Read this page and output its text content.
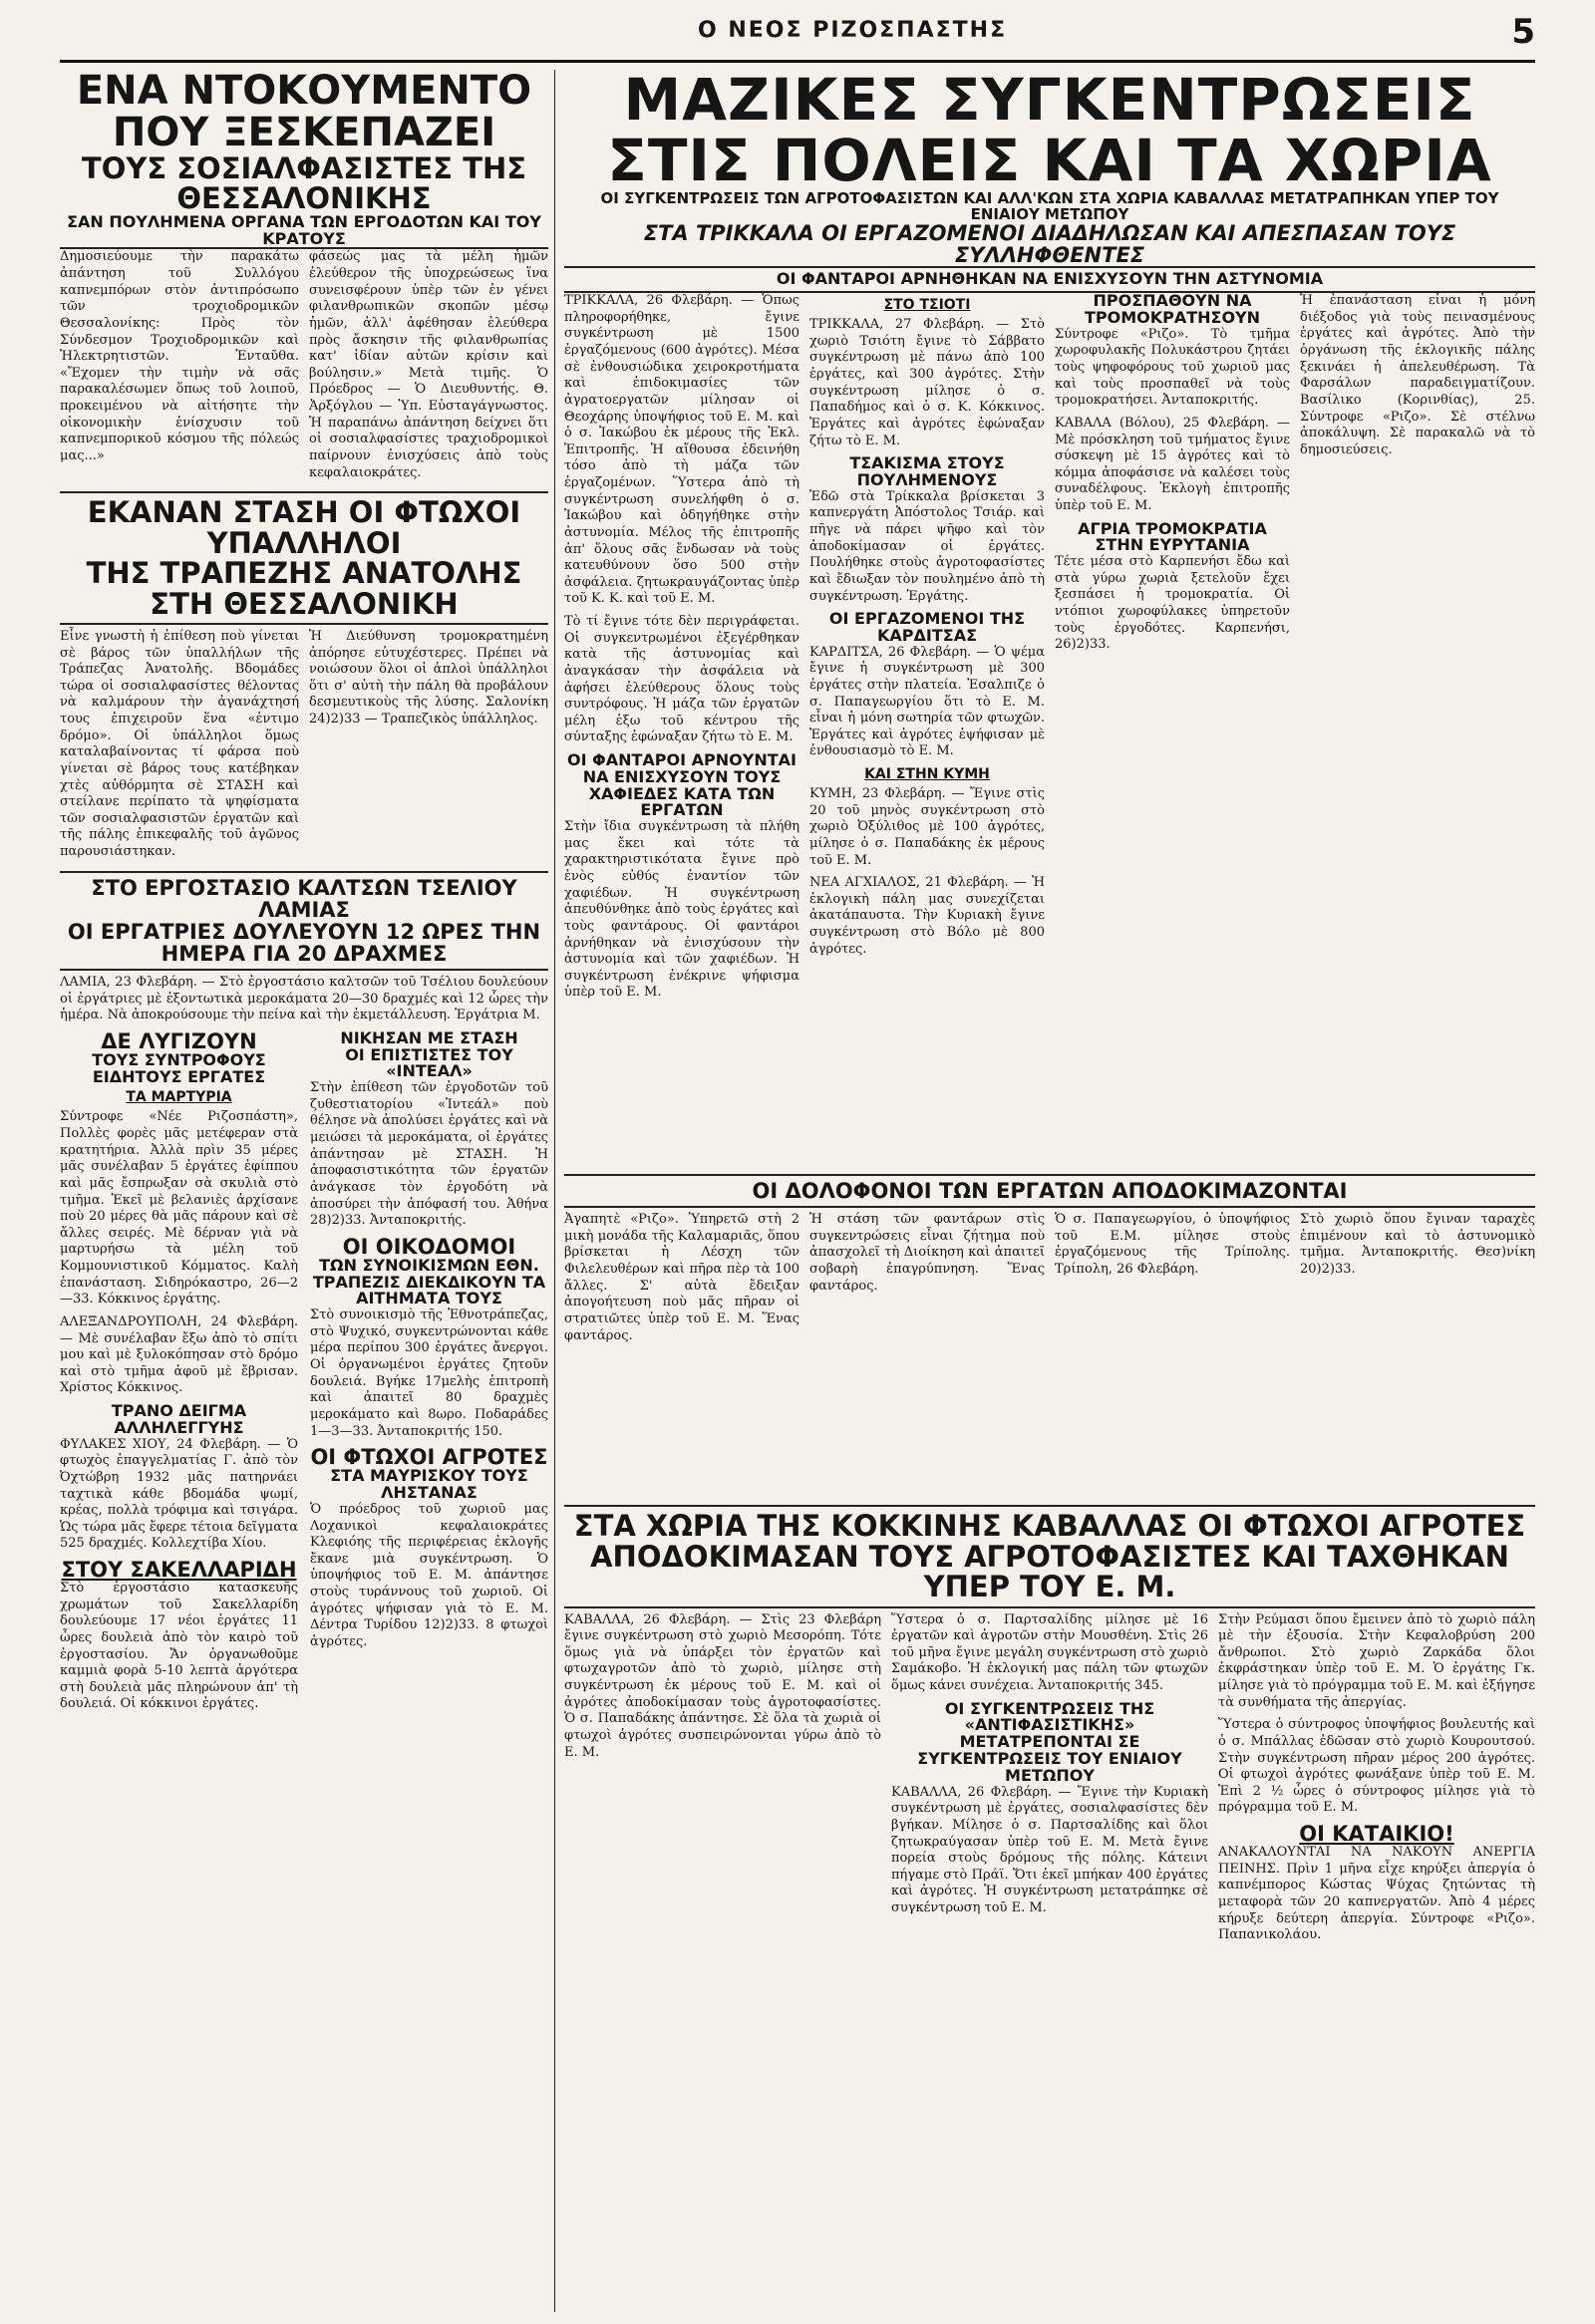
Ο ΝΕΟΣ ΡΙΖΟΣΠΑΣΤΗΣ	5

ΕΝΑ ΝΤΟΚΟΥΜΕΝΤΟ ΠΟΥ ΞΕΣΚΕΠΑΖΕΙ

ΤΟΥΣ ΣΟΣΙΑΛΦΑΣΙΣΤΕΣ ΤΗΣ ΘΕΣΣΑΛΟΝΙΚΗΣ

ΣΑΝ ΠΟΥΛΗΜΕΝΑ ΟΡΓΑΝΑ ΤΩΝ ΕΡΓΟΔΟΤΩΝ ΚΑΙ ΤΟΥ ΚΡΑΤΟΥΣ

Δημοσιεύουμε τὴν παρακάτω ἀπάντηση τοῦ Συλλόγου καπνεμπόρων στὸν ἀντιπρόσωπο τῶν τροχιοδρομικῶν Θεσσαλονίκης: Πρὸς τὸν Σύνδεσμον Τροχιοδρομικῶν καὶ Ἠλεκτρητιστῶν. Ἐνταῦθα. «Ἔχομεν τὴν τιμὴν νὰ σᾶς παρακαλέσωμεν ὅπως τοῦ λοιποῦ, προκειμένου νὰ αἰτήσητε τὴν οἰκονομικὴν ἐνίσχυσιν τοῦ καπνεμπορικοῦ κόσμου τῆς πόλεώς μας...»

φάσεώς μας τὰ μέλη ἡμῶν ἐλεύθερον τῆς ὑποχρεώσεως ἵνα συνεισφέρουν ὑπὲρ τῶν ἐν γένει φιλανθρωπικῶν σκοπῶν μέσῳ ἡμῶν, ἀλλ' ἀφέθησαν ἐλεύθερα πρὸς ἄσκησιν τῆς φιλανθρωπίας κατ' ἰδίαν αὐτῶν κρίσιν καὶ βούλησιν.» Μετὰ τιμῆς. Ὁ Πρόεδρος — Ὁ Διευθυντής. Θ. Ἀρξόγλου — Ὑπ. Εὐσταγάγνωστος. Ἡ παραπάνω ἀπάντηση δείχνει ὅτι οἱ σοσιαλφασίστες τραχιοδρομικοὶ παίρνουν ἐνισχύσεις ἀπὸ τοὺς κεφαλαιοκράτες.

ΕΚΑΝΑΝ ΣΤΑΣΗ ΟΙ ΦΤΩΧΟΙ ΥΠΑΛΛΗΛΟΙ

ΤΗΣ ΤΡΑΠΕΖΗΣ ΑΝΑΤΟΛΗΣ ΣΤΗ ΘΕΣΣΑΛΟΝΙΚΗ

Εἶνε γνωστὴ ἡ ἐπίθεση ποὺ γίνεται σὲ βάρος τῶν ὑπαλλήλων τῆς Τράπεζας Ἀνατολῆς. Βδομάδες τώρα οἱ σοσιαλφασίστες θέλοντας νὰ καλμάρουν τὴν ἀγανάχτησή τους ἐπιχειροῦν ἕνα «ἐντιμο δρόμο». Οἱ ὑπάλληλοι ὅμως καταλαβαίνοντας τί φάρσα ποὺ γίνεται σὲ βάρος τους κατέβηκαν χτὲς αὐθόρμητα σὲ ΣΤΑΣΗ καὶ στείλανε περίπατο τὰ ψηφίσματα τῶν σοσιαλφασιστῶν ἐργατῶν καὶ τῆς πάλης ἐπικεφαλῆς τοῦ ἀγῶνος παρουσιάστηκαν.

Ἡ Διεύθυνση τρομοκρατημένη ἀπόρησε εὐτυχέστερες. Πρέπει νὰ νοιώσουν ὅλοι οἱ ἀπλοὶ ὑπάλληλοι ὅτι σ' αὐτὴ τὴν πάλη θὰ προβάλουν δεσμευτικοὺς τῆς λύσης. Σαλονίκη 24)2)33 — Τραπεζικὸς ὑπάλληλος.

ΣΤΟ ΕΡΓΟΣΤΑΣΙΟ ΚΑΛΤΣΩΝ ΤΣΕΛΙΟΥ ΛΑΜΙΑΣ

ΟΙ ΕΡΓΑΤΡΙΕΣ ΔΟΥΛΕΥΟΥΝ 12 ΩΡΕΣ ΤΗΝ ΗΜΕΡΑ ΓΙΑ 20 ΔΡΑΧΜΕΣ

ΛΑΜΙΑ, 23 Φλεβάρη. — Στὸ ἐργοστάσιο καλτσῶν τοῦ Τσέλιου δουλεύουν οἱ ἐργάτριες μὲ ἐξοντωτικὰ μεροκάματα 20—30 δραχμές καὶ 12 ὧρες τὴν ἡμέρα. Νὰ ἀποκρούσουμε τὴν πείνα καὶ τὴν ἐκμετάλλευση. Ἐργάτρια Μ.

ΔΕ ΛΥΓΙΖΟΥΝ

ΤΟΥΣ ΣΥΝΤΡΟΦΟΥΣ ΕΙΔΗΤΟΥΣ ΕΡΓΑΤΕΣ

ΤΑ ΜΑΡΤΥΡΙΑ

Σύντροφε «Νέε Ριζοσπάστη», Πολλὲς φορὲς μᾶς μετέφεραν στὰ κρατητήρια. Ἀλλὰ πρὶν 35 μέρες μᾶς συνέλαβαν 5 ἐργάτες ἐφίππου καὶ μᾶς ἔσπρωξαν σὰ σκυλιὰ στὸ τμῆμα. Ἐκεῖ μὲ βελανιὲς ἀρχίσανε ποὺ 20 μέρες θὰ μᾶς πάρουν καὶ σὲ ἄλλες σειρές. Μὲ δέρναν γιὰ νὰ μαρτυρήσω τὰ μέλη τοῦ Κομμουνιστικοῦ Κόμματος. Καλὴ ἐπανάσταση. Σιδηρόκαστρο, 26—2—33. Κόκκινος ἐργάτης.

ΑΛΕΞΑΝΔΡΟΥΠΟΛΗ, 24 Φλεβάρη. — Μὲ συνέλαβαν ἔξω ἀπὸ τὸ σπίτι μου καὶ μὲ ξυλοκόπησαν στὸ δρόμο καὶ στὸ τμῆμα ἀφοῦ μὲ ἔβρισαν. Χρίστος Κόκκινος.

ΤΡΑΝΟ ΔΕΙΓΜΑ ΑΛΛΗΛΕΓΓΥΗΣ

ΦΥΛΑΚΕΣ ΧΙΟΥ, 24 Φλεβάρη. — Ὁ φτωχὸς ἐπαγγελματίας Γ. ἀπὸ τὸν Ὀχτώβρη 1932 μᾶς πατηρνάει ταχτικὰ κάθε βδομάδα ψωμί, κρέας, πολλὰ τρόφιμα καὶ τσιγάρα. Ὡς τώρα μᾶς ἔφερε τέτοια δεῖγματα 525 δραχμές. Κολλεχτίβα Χίου.

ΣΤΟΥ ΣΑΚΕΛΛΑΡΙΔΗ

Στὸ ἐργοστάσιο κατασκευῆς χρωμάτων τοῦ Σακελλαρίδη δουλεύουμε 17 νέοι ἐργάτες 11 ὧρες δουλειὰ ἀπὸ τὸν καιρὸ τοῦ ἐργοστασίου. Ἄν ὀργανωθοῦμε καμμιὰ φορὰ 5-10 λεπτὰ ἀργότερα στὴ δουλειὰ μᾶς πληρώνουν ἀπ' τὴ δουλειά. Οἱ κόκκινοι ἐργάτες.

ΝΙΚΗΣΑΝ ΜΕ ΣΤΑΣΗ

ΟΙ ΕΠΙΣΤΙΣΤΕΣ ΤΟΥ «ΙΝΤΕΑΛ»

Στὴν ἐπίθεση τῶν ἐργοδοτῶν τοῦ ζυθεστιατορίου «Ἰντεάλ» ποὺ θέλησε νὰ ἀπολύσει ἐργάτες καὶ νὰ μειώσει τὰ μεροκάματα, οἱ ἐργάτες ἀπάντησαν μὲ ΣΤΑΣΗ. Ἡ ἀποφασιστικότητα τῶν ἐργατῶν ἀνάγκασε τὸν ἐργοδότη νὰ ἀποσύρει τὴν ἀπόφασή του. Ἀθήνα 28)2)33. Ἀνταποκριτής.

ΟΙ ΟΙΚΟΔΟΜΟΙ

ΤΩΝ ΣΥΝΟΙΚΙΣΜΩΝ ΕΘΝ. ΤΡΑΠΕΖΙΣ ΔΙΕΚΔΙΚΟΥΝ ΤΑ ΑΙΤΗΜΑΤΑ ΤΟΥΣ

Στὸ συνοικισμὸ τῆς Ἐθνοτράπεζας, στὸ Ψυχικό, συγκεντρώνονται κάθε μέρα περίπου 300 ἐργάτες ἄνεργοι. Οἱ ὀργανωμένοι ἐργάτες ζητοῦν δουλειά. Βγήκε 17μελὴς ἐπιτροπὴ καὶ ἀπαιτεῖ 80 δραχμὲς μεροκάματο καὶ 8ωρο. Ποδαράδες 1—3—33. Ἀνταποκριτής 150.

ΟΙ ΦΤΩΧΟΙ ΑΓΡΟΤΕΣ

ΣΤΑ ΜΑΥΡΙΣΚΟΥ ΤΟΥΣ ΛΗΣΤΑΝΑΣ

Ὁ πρόεδρος τοῦ χωριοῦ μας Λοχανικοὶ κεφαλαιοκράτες Κλεφιόης τῆς περιφέρειας ἐκλογῆς ἔκανε μιὰ συγκέντρωση. Ὁ ὑποψήφιος τοῦ Ε. Μ. ἀπάντησε στοὺς τυράννους τοῦ χωριοῦ. Οἱ ἀγρότες ψήφισαν γιὰ τὸ Ε. Μ. Δέντρα Τυρίδου 12)2)33. 8 φτωχοὶ ἀγρότες.

ΜΑΖΙΚΕΣ ΣΥΓΚΕΝΤΡΩΣΕΙΣ ΣΤΙΣ ΠΟΛΕΙΣ ΚΑΙ ΤΑ ΧΩΡΙΑ

ΟΙ ΣΥΓΚΕΝΤΡΩΣΕΙΣ ΤΩΝ ΑΓΡΟΤΟΦΑΣΙΣΤΩΝ ΚΑΙ ΑΛΛ'ΚΩΝ ΣΤΑ ΧΩΡΙΑ ΚΑΒΑΛΛΑΣ ΜΕΤΑΤΡΑΠΗΚΑΝ ΥΠΕΡ ΤΟΥ ΕΝΙΑΙΟΥ ΜΕΤΩΠΟΥ

ΣΤΑ ΤΡΙΚΚΑΛΑ ΟΙ ΕΡΓΑΖΟΜΕΝΟΙ ΔΙΑΔΗΛΩΣΑΝ ΚΑΙ ΑΠΕΣΠΑΣΑΝ ΤΟΥΣ ΣΥΛΛΗΦΘΕΝΤΕΣ

ΟΙ ΦΑΝΤΑΡΟΙ ΑΡΝΗΘΗΚΑΝ ΝΑ ΕΝΙΣΧΥΣΟΥΝ ΤΗΝ ΑΣΤΥΝΟΜΙΑ

ΤΡΙΚΚΑΛΑ, 26 Φλεβάρη. — Ὁπως πληροφορήθηκε, ἔγινε συγκέντρωση μὲ 1500 ἐργαζόμενους (600 ἀγρότες). Μέσα σὲ ἐνθουσιώδικα χειροκροτήματα καὶ ἐπιδοκιμασίες τῶν ἀγρατοεργατῶν μίλησαν οἱ Θεοχάρης ὑποψήφιος τοῦ Ε. Μ. καὶ ὁ σ. Ἰακώβου ἐκ μέρους τῆς Ἐκλ. Ἐπιτροπῆς. Ἡ αἴθουσα ἐδεινήθη τόσο ἀπὸ τὴ μάζα τῶν ἐργαζομένων. Ὕστερα ἀπὸ τὴ συγκέντρωση συνελήφθη ὁ σ. Ἰακώβου καὶ ὁδηγήθηκε στὴν ἀστυνομία. Μέλος τῆς ἐπιτροπῆς ἀπ' ὅλους σᾶς ἔνδωσαν νὰ τοὺς κατευθύνουν ὅσο 500 στὴν ἀσφάλεια. ζητωκραυγάζοντας ὑπὲρ τοῦ Κ. Κ. καὶ τοῦ Ε. Μ.

Τὸ τί ἔγινε τότε δὲν περιγράφεται. Οἱ συγκεντρωμένοι ἐξεγέρθηκαν κατὰ τῆς ἀστυνομίας καὶ ἀναγκάσαν τὴν ἀσφάλεια νὰ ἀφήσει ἐλεύθερους ὅλους τοὺς συντρόφους. Ἡ μάζα τῶν ἐργατῶν μέλη ἐξω τοῦ κέντρου τῆς σύνταξης ἐφώναξαν ζήτω τὸ Ε. Μ.

ΟΙ ΦΑΝΤΑΡΟΙ ΑΡΝΟΥΝΤΑΙ ΝΑ ΕΝΙΣΧΥΣΟΥΝ ΤΟΥΣ ΧΑΦΙΕΔΕΣ ΚΑΤΑ ΤΩΝ ΕΡΓΑΤΩΝ

Στὴν ἴδια συγκέντρωση τὰ πλήθη μας ἔκει καὶ τότε τὰ χαρακτηριστικότατα ἔγινε πρὸ ἑνὸς εὐθύς ἐναντίον τῶν χαφιέδων. Ἡ συγκέντρωση ἀπευθύνθηκε ἀπὸ τοὺς ἐργάτες καὶ τοὺς φαντάρους. Οἱ φαντάροι ἀρνήθηκαν νὰ ἐνισχύσουν τὴν ἀστυνομία καὶ τῶν χαφιέδων. Ἡ συγκέντρωση ἐνέκρινε ψήφισμα ὑπὲρ τοῦ Ε. Μ.

ΣΤΟ ΤΣΙΟΤΙ

ΤΡΙΚΚΑΛΑ, 27 Φλεβάρη. — Στὸ χωριὸ Τσιότη ἔγινε τὸ Σάββατο συγκέντρωση μὲ πάνω ἀπὸ 100 ἐργάτες, καὶ 300 ἀγρότες. Στὴν συγκέντρωση μίλησε ὁ σ. Παπαδήμος καὶ ὁ σ. Κ. Κόκκινος. Ἐργάτες καὶ ἀγρότες ἐφώναξαν ζήτω τὸ Ε. Μ.

ΤΣΑΚΙΣΜΑ ΣΤΟΥΣ ΠΟΥΛΗΜΕΝΟΥΣ

Ἐδῶ στὰ Τρίκκαλα βρίσκεται 3 καπνεργάτη Ἀπόστολος Τσιάρ. καὶ πῆγε νὰ πάρει ψῆφο καὶ τὸν ἀποδοκίμασαν οἱ ἐργάτες. Πουλήθηκε στοὺς ἀγροτοφασίστες καὶ ἔδιωξαν τὸν πουλημένο ἀπὸ τὴ συγκέντρωση. Ἐργάτης.

ΟΙ ΕΡΓΑΖΟΜΕΝΟΙ ΤΗΣ ΚΑΡΔΙΤΣΑΣ

ΚΑΡΔΙΤΣΑ, 26 Φλεβάρη. — Ὁ ψέμα ἔγινε ἡ συγκέντρωση μὲ 300 ἐργάτες στὴν πλατεία. Ἐσαλπιζε ὁ σ. Παπαγεωργίου ὅτι τὸ Ε. Μ. εἶναι ἡ μόνη σωτηρία τῶν φτωχῶν. Ἐργάτες καὶ ἀγρότες ἐψήφισαν μὲ ἐνθουσιασμὸ τὸ Ε. Μ.

ΚΑΙ ΣΤΗΝ ΚΥΜΗ

ΚΥΜΗ, 23 Φλεβάρη. — Ἔγινε στὶς 20 τοῦ μηνὸς συγκέντρωση στὸ χωριὸ Ὀξύλιθος μὲ 100 ἀγρότες, μίλησε ὁ σ. Παπαδάκης ἐκ μέρους τοῦ Ε. Μ.

ΝΕΑ ΑΓΧΙΑΛΟΣ, 21 Φλεβάρη. — Ἡ ἐκλογικὴ πάλη μας συνεχίζεται ἀκατάπαυστα. Τὴν Κυριακὴ ἔγινε συγκέντρωση στὸ Βόλο μὲ 800 ἀγρότες.

ΠΡΟΣΠΑΘΟΥΝ ΝΑ ΤΡΟΜΟΚΡΑΤΗΣΟΥΝ

Σύντροφε «Ριζο». Τὸ τμῆμα χωροφυλακῆς Πολυκάστρου ζητάει τοὺς ψηφοφόρους τοῦ χωριοῦ μας καὶ τοὺς προσπαθεῖ νὰ τοὺς τρομοκρατήσει. Ἀνταποκριτής.

ΚΑΒΑΛΑ (Βόλου), 25 Φλεβάρη. — Μὲ πρόσκληση τοῦ τμήματος ἔγινε σύσκεψη μὲ 15 ἀγρότες καὶ τὸ κόμμα ἀποφάσισε νὰ καλέσει τοὺς συναδέλφους. Ἐκλογὴ ἐπιτροπῆς ὑπὲρ τοῦ Ε. Μ.

ΑΓΡΙΑ ΤΡΟΜΟΚΡΑΤΙΑ ΣΤΗΝ ΕΥΡΥΤΑΝΙΑ

Τέτε μέσα στὸ Καρπενήσι ἔδω καὶ στὰ γύρω χωριὰ ξετελοῦν ἔχει ξεσπάσει ἡ τρομοκρατία. Οἱ ντόπιοι χωροφύλακες ὑπηρετοῦν τοὺς ἐργοδότες. Καρπενήσι, 26)2)33.

Ἡ ἐπανάσταση εἶναι ἡ μόνη διέξοδος γιὰ τοὺς πεινασμένους ἐργάτες καὶ ἀγρότες. Ἀπὸ τὴν ὀργάνωση τῆς ἐκλογικῆς πάλης ξεκινάει ἡ ἀπελευθέρωση. Τὰ Φαρσάλων παραδειγματίζουν. Βασίλικο (Κορινθίας), 25. Σύντροφε «Ριζο». Σὲ στέλνω ἀποκάλυψη. Σὲ παρακαλῶ νὰ τὸ δημοσιεύσεις.

ΟΙ ΔΟΛΟΦΟΝΟΙ ΤΩΝ ΕΡΓΑΤΩΝ ΑΠΟΔΟΚΙΜΑΖΟΝΤΑΙ

Ἀγαπητὲ «Ριζο». Ὑπηρετῶ στὴ 2 μικὴ μονάδα τῆς Καλαμαριᾶς, ὅπου βρίσκεται ἡ Λέσχη τῶν Φιλελευθέρων καὶ πῆρα πὲρ τὰ 100 ἄλλες. Σ' αὐτὰ ἔδειξαν ἀπογοήτευση ποὺ μᾶς πῆραν οἱ στρατιῶτες ὑπὲρ τοῦ Ε. Μ. Ἕνας φαντάρος.

Ἡ στάση τῶν φαντάρων στὶς συγκεντρώσεις εἶναι ζήτημα ποὺ ἀπασχολεῖ τὴ Διοίκηση καὶ ἀπαιτεῖ σοβαρὴ ἐπαγρύπνηση. Ἕνας φαντάρος.

Ὁ σ. Παπαγεωργίου, ὁ ὑποψήφιος τοῦ Ε.Μ. μίλησε στοὺς ἐργαζόμενους τῆς Τρίπολης. Τρίπολη, 26 Φλεβάρη.

Στὸ χωριὸ ὅπου ἔγιναν ταραχὲς ἐπιμένουν καὶ τὸ ἀστυνομικὸ τμῆμα. Ἀνταποκριτής. Θεσ)νίκη 20)2)33.

ΣΤΑ ΧΩΡΙΑ ΤΗΣ ΚΟΚΚΙΝΗΣ ΚΑΒΑΛΛΑΣ ΟΙ ΦΤΩΧΟΙ ΑΓΡΟΤΕΣ

ΑΠΟΔΟΚΙΜΑΣΑΝ ΤΟΥΣ ΑΓΡΟΤΟΦΑΣΙΣΤΕΣ ΚΑΙ ΤΑΧΘΗΚΑΝ ΥΠΕΡ ΤΟΥ Ε. Μ.

ΚΑΒΑΛΛΑ, 26 Φλεβάρη. — Στὶς 23 Φλεβάρη ἔγινε συγκέντρωση στὸ χωριὸ Μεσορόπη. Τότε ὅμως γιὰ νὰ ὑπάρξει τὸν ἐργατῶν καὶ φτωχαγροτῶν ἀπὸ τὸ χωριὸ, μίλησε στὴ συγκέντρωση ἐκ μέρους τοῦ Ε. Μ. καὶ οἱ ἀγρότες ἀποδοκίμασαν τοὺς ἀγροτοφασίστες. Ὁ σ. Παπαδάκης ἀπάντησε. Σὲ ὅλα τὰ χωριὰ οἱ φτωχοὶ ἀγρότες συσπειρώνονται γύρω ἀπὸ τὸ Ε. Μ.

Ὕστερα ὁ σ. Παρτσαλίδης μίλησε μὲ 16 ἐργατῶν καὶ ἀγροτῶν στὴν Μουσθένη. Στὶς 26 τοῦ μῆνα ἔγινε μεγάλη συγκέντρωση στὸ χωριὸ Σαμάκοβο. Ἡ ἐκλογική μας πάλη τῶν φτωχῶν ὅμως κάνει συνέχεια. Ἀνταποκριτής 345.

ΟΙ ΣΥΓΚΕΝΤΡΩΣΕΙΣ ΤΗΣ «ΑΝΤΙΦΑΣΙΣΤΙΚΗΣ» ΜΕΤΑΤΡΕΠΟΝΤΑΙ ΣΕ ΣΥΓΚΕΝΤΡΩΣΕΙΣ ΤΟΥ ΕΝΙΑΙΟΥ ΜΕΤΩΠΟΥ

ΚΑΒΑΛΛΑ, 26 Φλεβάρη. — Ἔγινε τὴν Κυριακὴ συγκέντρωση μὲ ἐργάτες, σοσιαλφασίστες δὲν βγήκαν. Μίλησε ὁ σ. Παρτσαλίδης καὶ ὅλοι ζητωκραύγασαν ὑπὲρ τοῦ Ε. Μ. Μετὰ ἔγινε πορεία στοὺς δρόμους τῆς πόλης. Κάτεινι πήγαμε στὸ Πράϊ. Ὅτι ἐκεῖ μπήκαν 400 ἐργάτες καὶ ἀγρότες. Ἡ συγκέντρωση μετατράπηκε σὲ συγκέντρωση τοῦ Ε. Μ.

Στὴν Ρεύμασι ὅπου ἔμεινεν ἀπὸ τὸ χωριὸ πάλη μὲ τὴν ἐξουσία. Στὴν Κεφαλοβρύση 200 ἄνθρωποι. Στὸ χωριὸ Ζαρκάδα ὅλοι ἐκφράστηκαν ὑπὲρ τοῦ Ε. Μ. Ὁ ἐργάτης Γκ. μίλησε γιὰ τὸ πρόγραμμα τοῦ Ε. Μ. καὶ ἐξήγησε τὰ συνθήματα τῆς ἀπεργίας.

Ὕστερα ὁ σύντροφος ὑποψήφιος βουλευτής καὶ ὁ σ. Μπάλλας ἐδῶσαν στὸ χωριὸ Κουρουτσού. Στὴν συγκέντρωση πῆραν μέρος 200 ἀγρότες. Οἱ φτωχοὶ ἀγρότες φωνάξανε ὑπὲρ τοῦ Ε. Μ. Ἐπὶ 2 ½ ὧρες ὁ σύντροφος μίλησε γιὰ τὸ πρόγραμμα τοῦ Ε. Μ.

ΟΙ ΚΑΤΑΙΚΙΟ!

ΑΝΑΚΑΛΟΥΝΤΑΙ ΝΑ ΝΑΚΟΥΝ ΑΝΕΡΓΙΑ ΠΕΙΝΗΣ. Πρὶν 1 μῆνα εἶχε κηρύξει ἀπεργία ὁ καπνέμπορος Κώστας Ψύχας ζητώντας τὴ μεταφορὰ τῶν 20 καπνεργατῶν. Ἀπὸ 4 μέρες κήρυξε δεύτερη ἀπεργία. Σύντροφε «Ριζο». Παπανικολάου.
